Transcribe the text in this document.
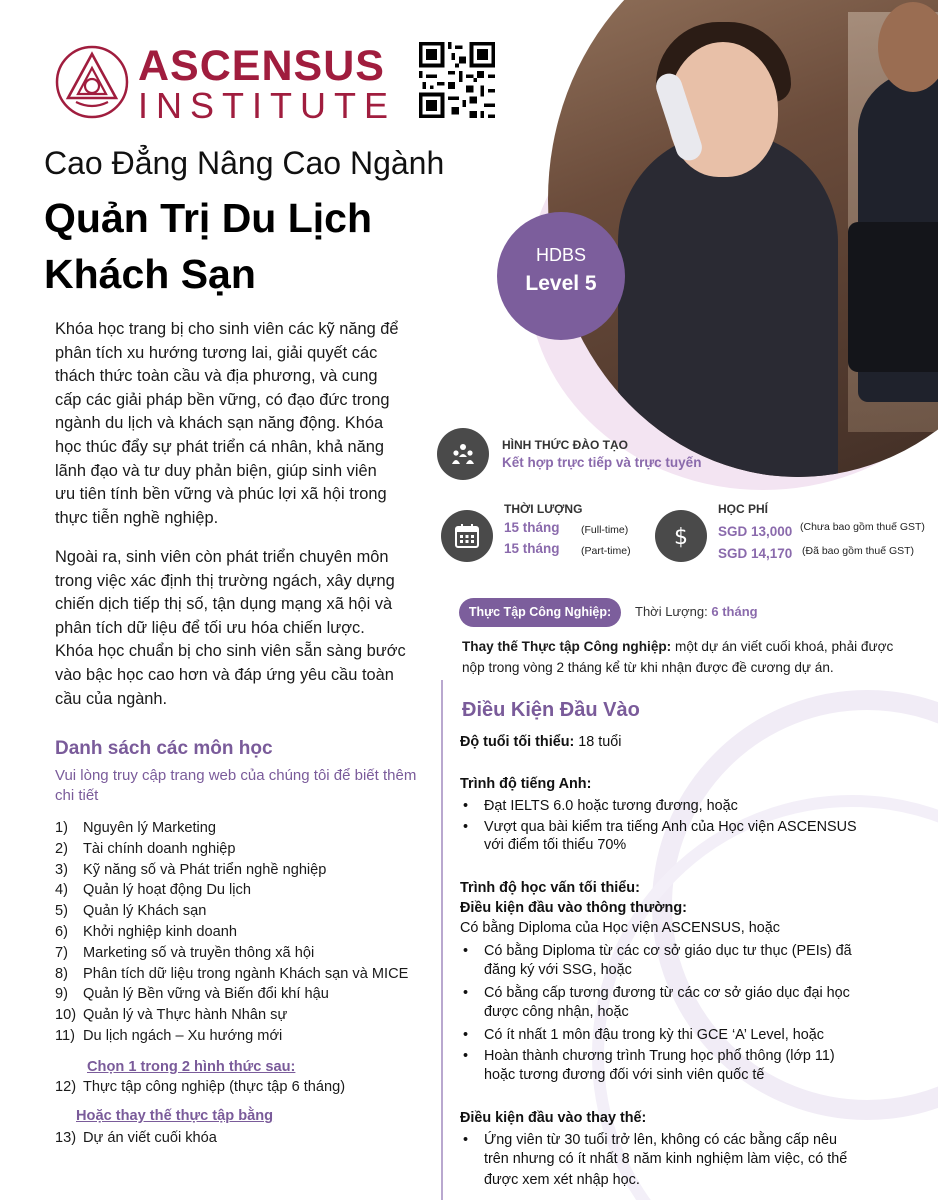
ASCENSUS
INSTITUTE
Cao Đẳng Nâng Cao Ngành
Quản Trị Du Lịch
Khách Sạn	HDBS
Level 5
Khóa học trang bị cho sinh viên các kỹ năng để
phân tích xu hướng tương lai, giải quyết các
thách thức toàn cầu và địa phương, và cung
cấp các giải pháp bền vững, có đạo đức trong
ngành du lịch và khách sạn năng động. Khóa
học thúc đẩy sự phát triển cá nhân, khả năng
lãnh đạo và tư duy phản biện, giúp sinh viên
ưu tiên tính bền vững và phúc lợi xã hội trong
thực tiễn nghề nghiệp.
Ngoài ra, sinh viên còn phát triển chuyên môn
trong việc xác định thị trường ngách, xây dựng
chiến dịch tiếp thị số, tận dụng mạng xã hội và
phân tích dữ liệu để tối ưu hóa chiến lược.
Khóa học chuẩn bị cho sinh viên sẵn sàng bước
vào bậc học cao hơn và đáp ứng yêu cầu toàn
cầu của ngành.
Danh sách các môn học
Vui lòng truy cập trang web của chúng tôi để biết thêm chi tiết
1) Nguyên lý Marketing
2) Tài chính doanh nghiệp
3) Kỹ năng số và Phát triển nghề nghiệp
4) Quản lý hoạt động Du lịch
5) Quản lý Khách sạn
6) Khởi nghiệp kinh doanh
7) Marketing số và truyền thông xã hội
8) Phân tích dữ liệu trong ngành Khách sạn và MICE
9) Quản lý Bền vững và Biến đổi khí hậu
10) Quản lý và Thực hành Nhân sự
11) Du lịch ngách – Xu hướng mới
Chọn 1 trong 2 hình thức sau:
12) Thực tập công nghiệp (thực tập 6 tháng)
Hoặc thay thế thực tập bằng
13) Dự án viết cuối khóa
HÌNH THỨC ĐÀO TẠO
Kết hợp trực tiếp và trực tuyến
THỜI LƯỢNG
15 tháng (Full-time)
15 tháng (Part-time)
$
HỌC PHÍ
SGD 13,000 (Chưa bao gồm thuế GST)
SGD 14,170 (Đã bao gồm thuế GST)
Thực Tập Công Nghiệp:	Thời Lượng: 6 tháng
Thay thế Thực tập Công nghiệp: một dự án viết cuối khoá, phải được nộp trong vòng 2 tháng kể từ khi nhận được đề cương dự án.
Điều Kiện Đầu Vào
Độ tuổi tối thiểu: 18 tuổi
Trình độ tiếng Anh:
• Đạt IELTS 6.0 hoặc tương đương, hoặc
• Vượt qua bài kiểm tra tiếng Anh của Học viện ASCENSUS
với điểm tối thiểu 70%
Trình độ học vấn tối thiểu:
Điều kiện đầu vào thông thường:
Có bằng Diploma của Học viện ASCENSUS, hoặc
• Có bằng Diploma từ các cơ sở giáo dục tư thục (PEIs) đã
đăng ký với SSG, hoặc
• Có bằng cấp tương đương từ các cơ sở giáo dục đại học
được công nhận, hoặc
• Có ít nhất 1 môn đậu trong kỳ thi GCE ‘A’ Level, hoặc
• Hoàn thành chương trình Trung học phổ thông (lớp 11)
hoặc tương đương đối với sinh viên quốc tế
Điều kiện đầu vào thay thế:
• Ứng viên từ 30 tuổi trở lên, không có các bằng cấp nêu
trên nhưng có ít nhất 8 năm kinh nghiệm làm việc, có thể
được xem xét nhập học.
